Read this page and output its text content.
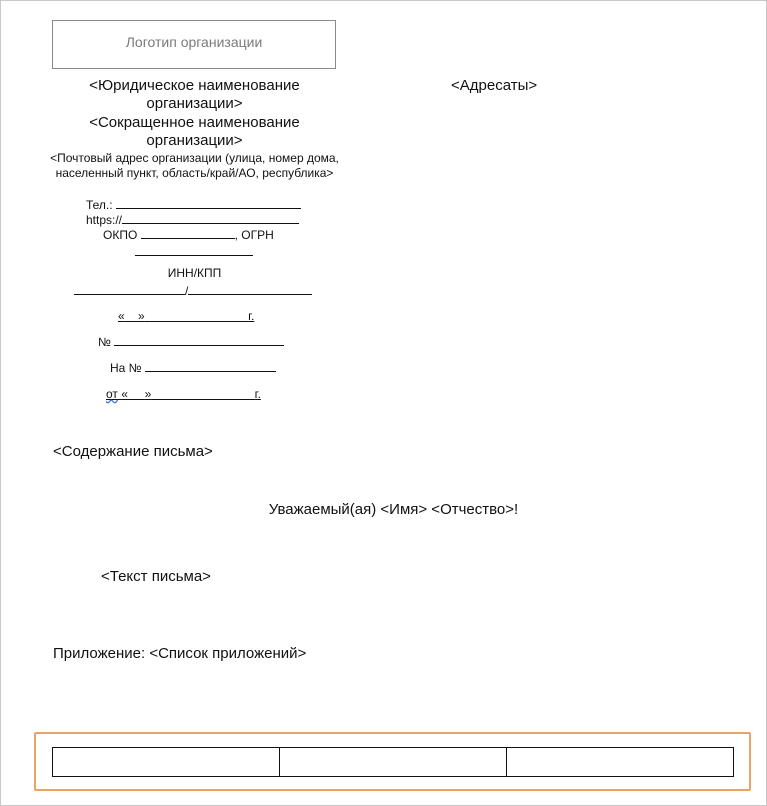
Логотип организации
<Юридическое наименование организации>
<Сокращенное наименование организации>
<Почтовый адрес организации (улица, номер дома, населенный пункт, область/край/АО, республика>
<Адресаты>
Тел.:
https://
ОКПО	, ОГРН
ИНН/КПП
/
« »	г.
№
На №
от « »	г.
<Содержание письма>
Уважаемый(ая) <Имя> <Отчество>!
<Текст письма>
Приложение: <Список приложений>
